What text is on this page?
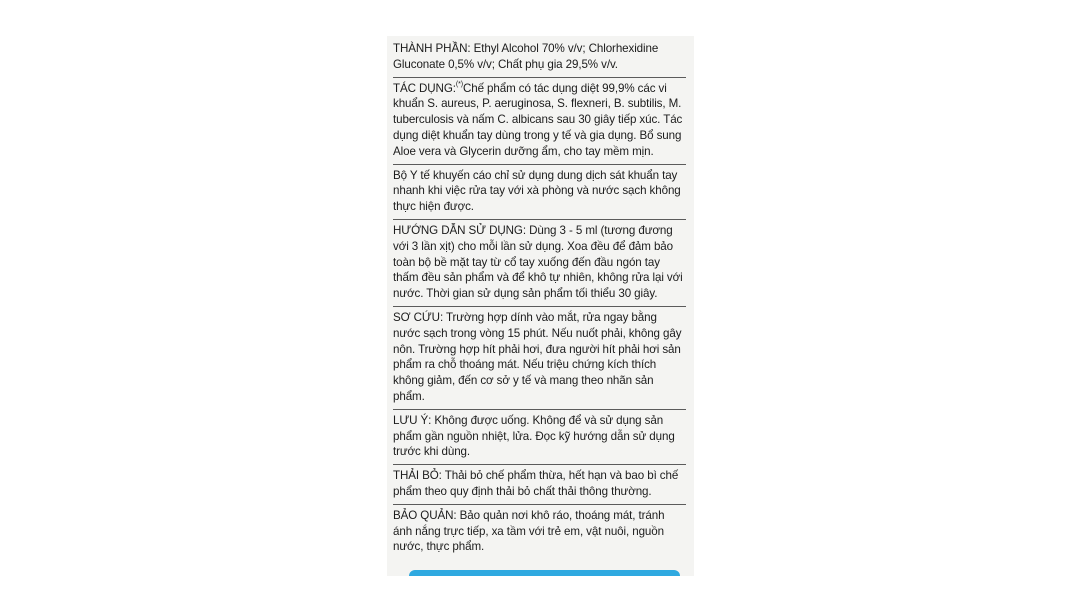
THÀNH PHẦN: Ethyl Alcohol 70% v/v; Chlorhexidine Gluconate 0,5% v/v; Chất phụ gia 29,5% v/v.
TÁC DỤNG:(*)Chế phẩm có tác dụng diệt 99,9% các vi khuẩn S. aureus, P. aeruginosa, S. flexneri, B. subtilis, M. tuberculosis và nấm C. albicans sau 30 giây tiếp xúc. Tác dụng diệt khuẩn tay dùng trong y tế và gia dụng. Bổ sung Aloe vera và Glycerin dưỡng ẩm, cho tay mềm mịn.
Bộ Y tế khuyến cáo chỉ sử dụng dung dịch sát khuẩn tay nhanh khi việc rửa tay với xà phòng và nước sạch không thực hiện được.
HƯỚNG DẪN SỬ DỤNG: Dùng 3 - 5 ml (tương đương với 3 lần xịt) cho mỗi lần sử dụng. Xoa đều để đảm bảo toàn bộ bề mặt tay từ cổ tay xuống đến đầu ngón tay thấm đều sản phẩm và để khô tự nhiên, không rửa lại với nước. Thời gian sử dụng sản phẩm tối thiểu 30 giây.
SƠ CỨU: Trường hợp dính vào mắt, rửa ngay bằng nước sạch trong vòng 15 phút. Nếu nuốt phải, không gây nôn. Trường hợp hít phải hơi, đưa người hít phải hơi sản phẩm ra chỗ thoáng mát. Nếu triệu chứng kích thích không giảm, đến cơ sở y tế và mang theo nhãn sản phẩm.
LƯU Ý: Không được uống. Không để và sử dụng sản phẩm gần nguồn nhiệt, lửa. Đọc kỹ hướng dẫn sử dụng trước khi dùng.
THẢI BỎ: Thải bỏ chế phẩm thừa, hết hạn và bao bì chế phẩm theo quy định thải bỏ chất thải thông thường.
BẢO QUẢN: Bảo quản nơi khô ráo, thoáng mát, tránh ánh nắng trực tiếp, xa tầm với trẻ em, vật nuôi, nguồn nước, thực phẩm.
